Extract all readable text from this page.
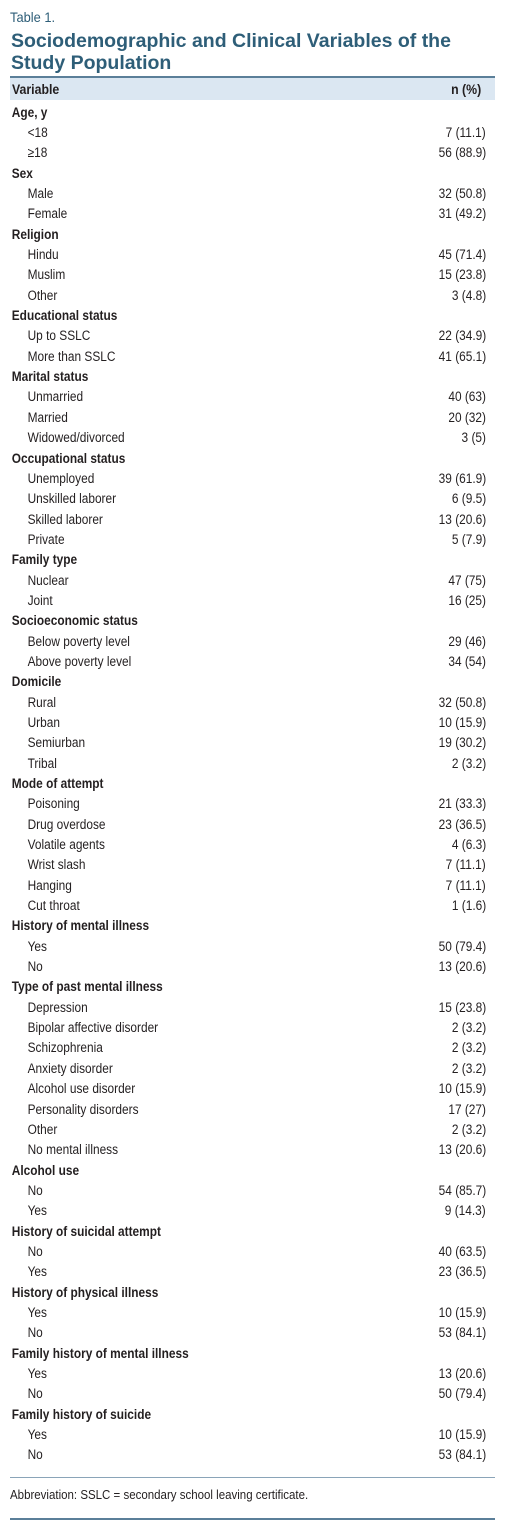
Table 1.
Sociodemographic and Clinical Variables of the
Study Population
Variable	n (%)
Age, y
<18	7 (11.1)
≥18	56 (88.9)
Sex
Male	32 (50.8)
Female	31 (49.2)
Religion
Hindu	45 (71.4)
Muslim	15 (23.8)
Other	3 (4.8)
Educational status
Up to SSLC	22 (34.9)
More than SSLC	41 (65.1)
Marital status
Unmarried	40 (63)
Married	20 (32)
Widowed/divorced	3 (5)
Occupational status
Unemployed	39 (61.9)
Unskilled laborer	6 (9.5)
Skilled laborer	13 (20.6)
Private	5 (7.9)
Family type
Nuclear	47 (75)
Joint	16 (25)
Socioeconomic status
Below poverty level	29 (46)
Above poverty level	34 (54)
Domicile
Rural	32 (50.8)
Urban	10 (15.9)
Semiurban	19 (30.2)
Tribal	2 (3.2)
Mode of attempt
Poisoning	21 (33.3)
Drug overdose	23 (36.5)
Volatile agents	4 (6.3)
Wrist slash	7 (11.1)
Hanging	7 (11.1)
Cut throat	1 (1.6)
History of mental illness
Yes	50 (79.4)
No	13 (20.6)
Type of past mental illness
Depression	15 (23.8)
Bipolar affective disorder	2 (3.2)
Schizophrenia	2 (3.2)
Anxiety disorder	2 (3.2)
Alcohol use disorder	10 (15.9)
Personality disorders	17 (27)
Other	2 (3.2)
No mental illness	13 (20.6)
Alcohol use
No	54 (85.7)
Yes	9 (14.3)
History of suicidal attempt
No	40 (63.5)
Yes	23 (36.5)
History of physical illness
Yes	10 (15.9)
No	53 (84.1)
Family history of mental illness
Yes	13 (20.6)
No	50 (79.4)
Family history of suicide
Yes	10 (15.9)
No	53 (84.1)
Abbreviation: SSLC = secondary school leaving certificate.
